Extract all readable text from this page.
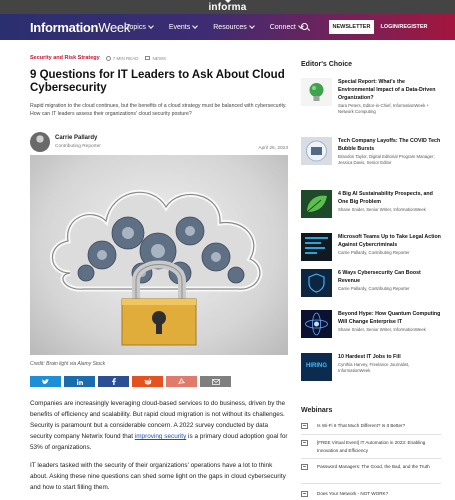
informa
InformationWeek
Topics	Events	Resources	Connect	NEWSLETTER	LOGIN/REGISTER
Security and Risk Strategy	7 MIN READ	NEWS
9 Questions for IT Leaders to Ask About Cloud Cybersecurity

Rapid migration to the cloud continues, but the benefits of a cloud strategy must be balanced with cybersecurity. How can IT leaders assess their organizations' cloud security posture?

Carrie Pallardy
Contributing Reporter	April 26, 2023

Credit: Brain light via Alamy Stock

Companies are increasingly leveraging cloud-based services to do business, driven by the benefits of efficiency and scalability. But rapid cloud migration is not without its challenges. Security is paramount but a considerable concern. A 2022 survey conducted by data security company Netwrix found that improving security is a primary cloud adoption goal for 53% of organizations.

IT leaders tasked with the security of their organizations' operations have a lot to think about. Asking these nine questions can shed some light on the gaps in cloud cybersecurity and how to start filling them.

Editor's Choice

Special Report: What's the Environmental Impact of a Data-Driven Organization?

Sara Peters, Editor-in-Chief, InformationWeek + Network Computing

Tech Company Layoffs: The COVID Tech Bubble Bursts

Brandon Taylor, Digital Editorial Program Manager; Jessica Davis, Senior Editor

4 Big AI Sustainability Prospects, and One Big Problem

Shane Snider, Senior Writer, InformationWeek

Microsoft Teams Up to Take Legal Action Against Cybercriminals

Carrie Pallardy, Contributing Reporter

6 Ways Cybersecurity Can Boost Revenue

Carrie Pallardy, Contributing Reporter

Beyond Hype: How Quantum Computing Will Change Enterprise IT

Shane Snider, Senior Writer, InformationWeek

HIRING

10 Hardest IT Jobs to Fill

Cynthia Harvey, Freelance Journalist, InformationWeek

Webinars
Is Wi-Fi 6 That Much Different? Is It Better?
[FREE Virtual Event] IT Automation in 2023: Enabling Innovation and Efficiency
Password Managers: The Good, the Bad, and the Truth
Does Your Network - NOT WORK?
